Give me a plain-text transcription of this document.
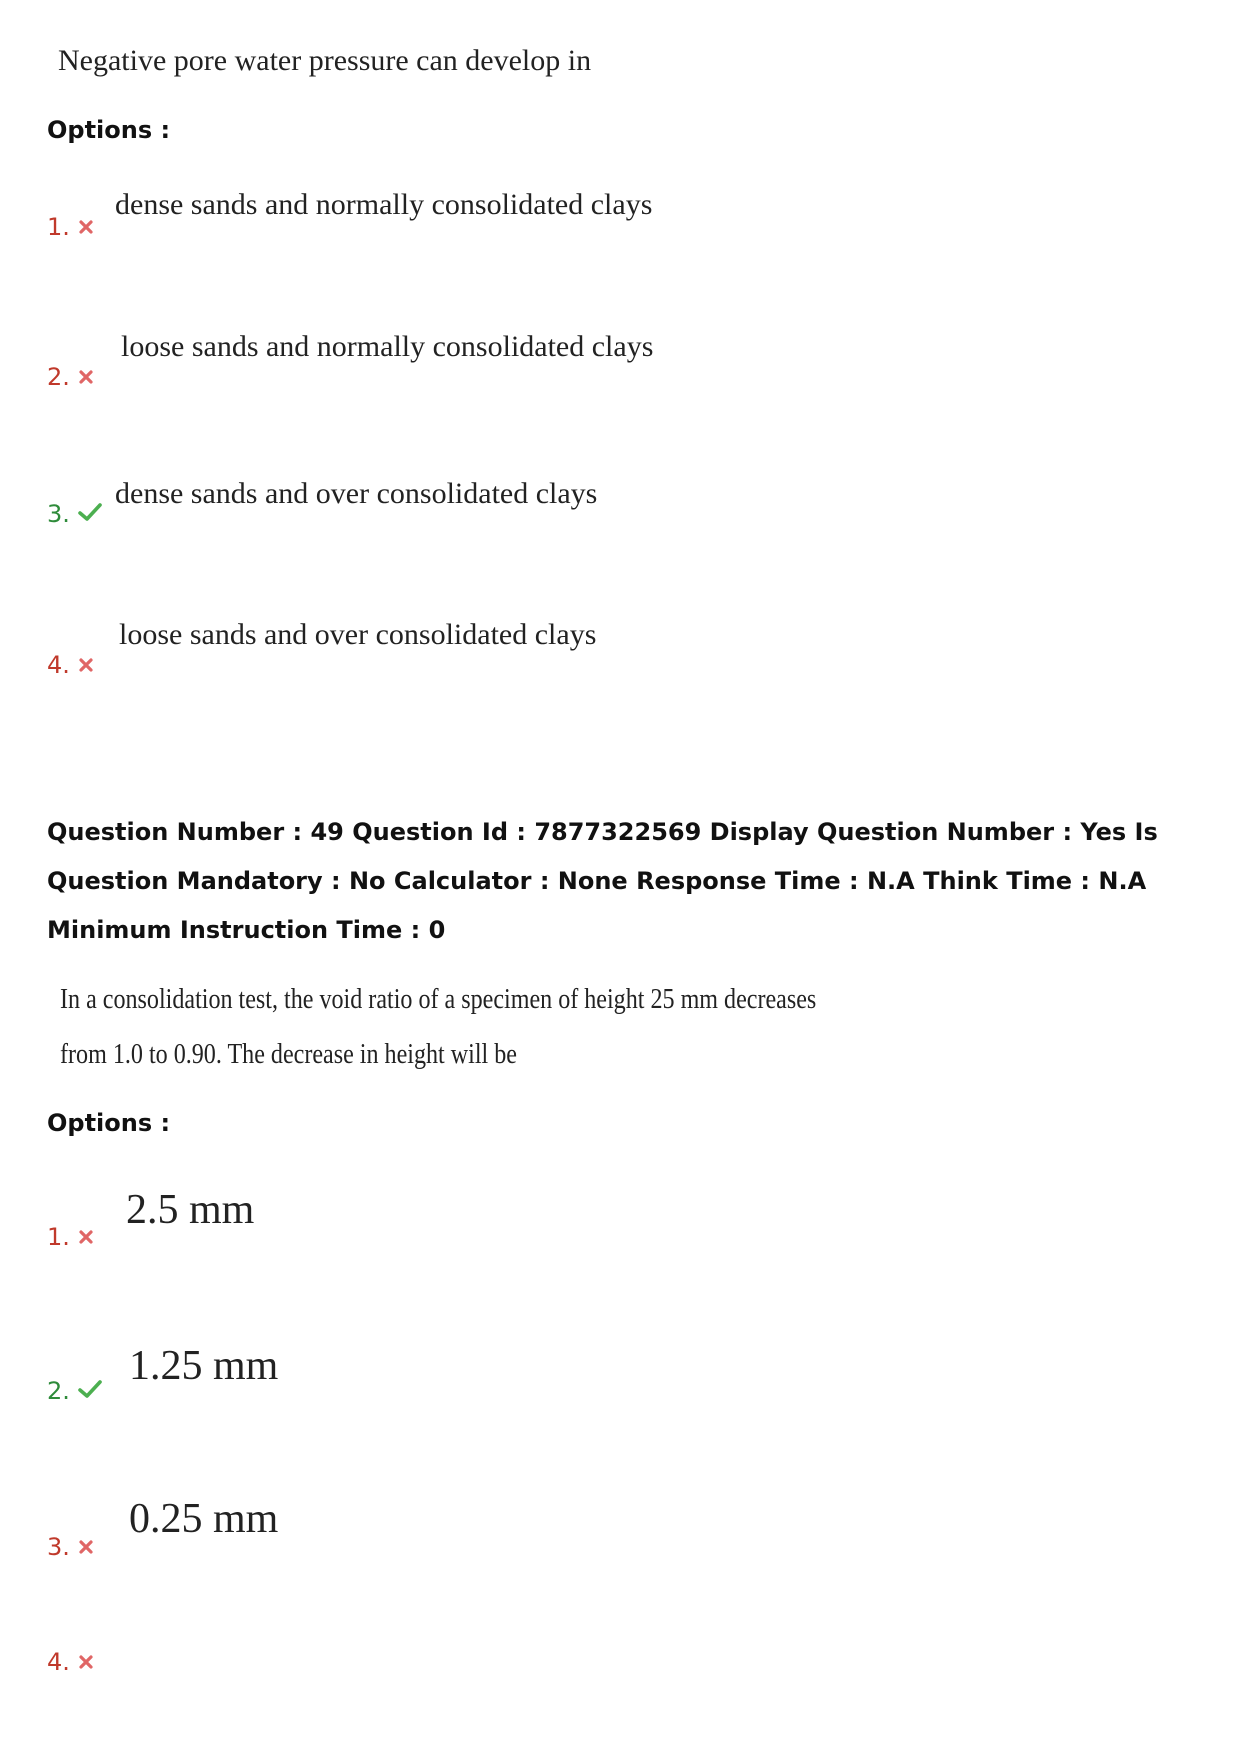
Negative pore water pressure can develop in
Options :
1.
dense sands and normally consolidated clays
2.
loose sands and normally consolidated clays
3.
dense sands and over consolidated clays
4.
loose sands and over consolidated clays
Question Number : 49 Question Id : 7877322569 Display Question Number : Yes Is Question Mandatory : No Calculator : None Response Time : N.A Think Time : N.A Minimum Instruction Time : 0
In a consolidation test, the void ratio of a specimen of height 25 mm decreases from 1.0 to 0.90. The decrease in height will be
Options :
1.
2.5 mm
2.
1.25 mm
3.
0.25 mm
4.
